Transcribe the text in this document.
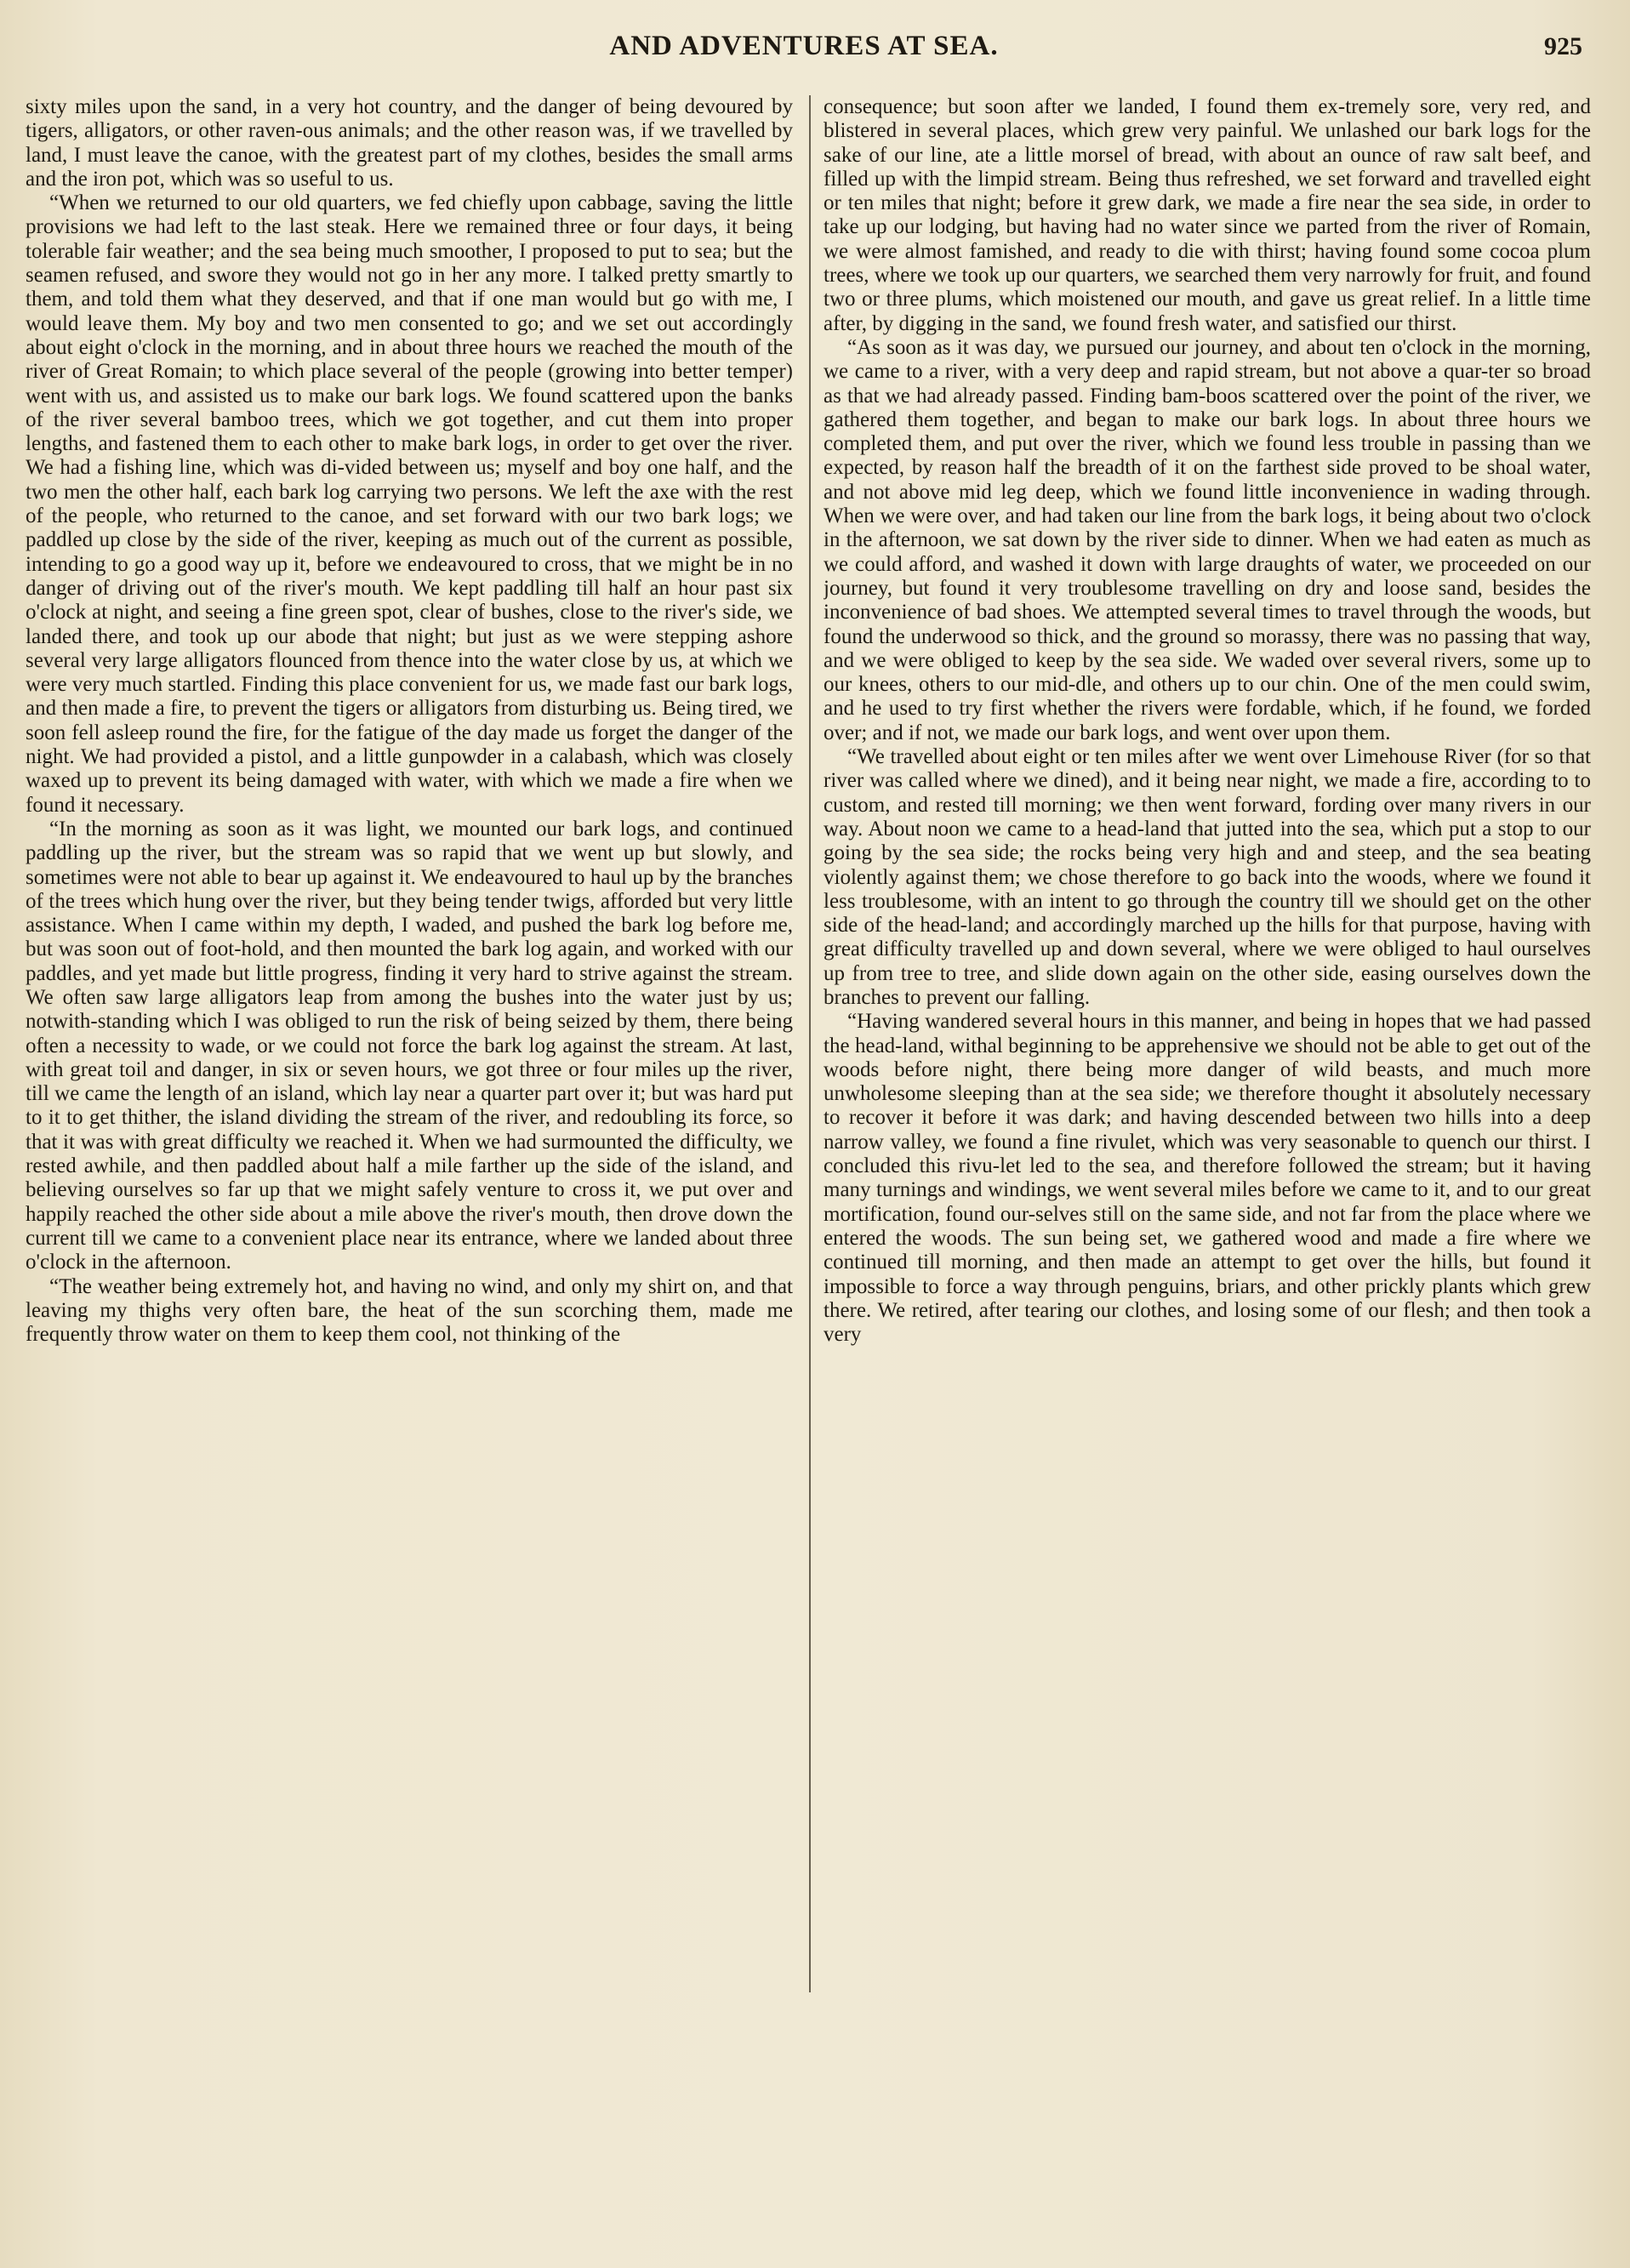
AND ADVENTURES AT SEA.	925

sixty miles upon the sand, in a very hot country, and the danger of being devoured by tigers, alligators, or other raven-ous animals; and the other reason was, if we travelled by land, I must leave the canoe, with the greatest part of my clothes, besides the small arms and the iron pot, which was so useful to us.

“When we returned to our old quarters, we fed chiefly upon cabbage, saving the little provisions we had left to the last steak. Here we remained three or four days, it being tolerable fair weather; and the sea being much smoother, I proposed to put to sea; but the seamen refused, and swore they would not go in her any more. I talked pretty smartly to them, and told them what they deserved, and that if one man would but go with me, I would leave them. My boy and two men consented to go; and we set out accordingly about eight o'clock in the morning, and in about three hours we reached the mouth of the river of Great Romain; to which place several of the people (growing into better temper) went with us, and assisted us to make our bark logs. We found scattered upon the banks of the river several bamboo trees, which we got together, and cut them into proper lengths, and fastened them to each other to make bark logs, in order to get over the river. We had a fishing line, which was di-vided between us; myself and boy one half, and the two men the other half, each bark log carrying two persons. We left the axe with the rest of the people, who returned to the canoe, and set forward with our two bark logs; we paddled up close by the side of the river, keeping as much out of the current as possible, intending to go a good way up it, before we endeavoured to cross, that we might be in no danger of driving out of the river's mouth. We kept paddling till half an hour past six o'clock at night, and seeing a fine green spot, clear of bushes, close to the river's side, we landed there, and took up our abode that night; but just as we were stepping ashore several very large alligators flounced from thence into the water close by us, at which we were very much startled. Finding this place convenient for us, we made fast our bark logs, and then made a fire, to prevent the tigers or alligators from disturbing us. Being tired, we soon fell asleep round the fire, for the fatigue of the day made us forget the danger of the night. We had provided a pistol, and a little gunpowder in a calabash, which was closely waxed up to prevent its being damaged with water, with which we made a fire when we found it necessary.

“In the morning as soon as it was light, we mounted our bark logs, and continued paddling up the river, but the stream was so rapid that we went up but slowly, and sometimes were not able to bear up against it. We endeavoured to haul up by the branches of the trees which hung over the river, but they being tender twigs, afforded but very little assistance. When I came within my depth, I waded, and pushed the bark log before me, but was soon out of foot-hold, and then mounted the bark log again, and worked with our paddles, and yet made but little progress, finding it very hard to strive against the stream. We often saw large alligators leap from among the bushes into the water just by us; notwith-standing which I was obliged to run the risk of being seized by them, there being often a necessity to wade, or we could not force the bark log against the stream. At last, with great toil and danger, in six or seven hours, we got three or four miles up the river, till we came the length of an island, which lay near a quarter part over it; but was hard put to it to get thither, the island dividing the stream of the river, and redoubling its force, so that it was with great difficulty we reached it. When we had surmounted the difficulty, we rested awhile, and then paddled about half a mile farther up the side of the island, and believing ourselves so far up that we might safely venture to cross it, we put over and happily reached the other side about a mile above the river's mouth, then drove down the current till we came to a convenient place near its entrance, where we landed about three o'clock in the afternoon.

“The weather being extremely hot, and having no wind, and only my shirt on, and that leaving my thighs very often bare, the heat of the sun scorching them, made me frequently throw water on them to keep them cool, not thinking of the

consequence; but soon after we landed, I found them ex-tremely sore, very red, and blistered in several places, which grew very painful. We unlashed our bark logs for the sake of our line, ate a little morsel of bread, with about an ounce of raw salt beef, and filled up with the limpid stream. Being thus refreshed, we set forward and travelled eight or ten miles that night; before it grew dark, we made a fire near the sea side, in order to take up our lodging, but having had no water since we parted from the river of Romain, we were almost famished, and ready to die with thirst; having found some cocoa plum trees, where we took up our quarters, we searched them very narrowly for fruit, and found two or three plums, which moistened our mouth, and gave us great relief. In a little time after, by digging in the sand, we found fresh water, and satisfied our thirst.

“As soon as it was day, we pursued our journey, and about ten o'clock in the morning, we came to a river, with a very deep and rapid stream, but not above a quar-ter so broad as that we had already passed. Finding bam-boos scattered over the point of the river, we gathered them together, and began to make our bark logs. In about three hours we completed them, and put over the river, which we found less trouble in passing than we expected, by reason half the breadth of it on the farthest side proved to be shoal water, and not above mid leg deep, which we found little inconvenience in wading through. When we were over, and had taken our line from the bark logs, it being about two o'clock in the afternoon, we sat down by the river side to dinner. When we had eaten as much as we could afford, and washed it down with large draughts of water, we proceeded on our journey, but found it very troublesome travelling on dry and loose sand, besides the inconvenience of bad shoes. We attempted several times to travel through the woods, but found the underwood so thick, and the ground so morassy, there was no passing that way, and we were obliged to keep by the sea side. We waded over several rivers, some up to our knees, others to our mid-dle, and others up to our chin. One of the men could swim, and he used to try first whether the rivers were fordable, which, if he found, we forded over; and if not, we made our bark logs, and went over upon them.

“We travelled about eight or ten miles after we went over Limehouse River (for so that river was called where we dined), and it being near night, we made a fire, according to to custom, and rested till morning; we then went forward, fording over many rivers in our way. About noon we came to a head-land that jutted into the sea, which put a stop to our going by the sea side; the rocks being very high and and steep, and the sea beating violently against them; we chose therefore to go back into the woods, where we found it less troublesome, with an intent to go through the country till we should get on the other side of the head-land; and accordingly marched up the hills for that purpose, having with great difficulty travelled up and down several, where we were obliged to haul ourselves up from tree to tree, and slide down again on the other side, easing ourselves down the branches to prevent our falling.

“Having wandered several hours in this manner, and being in hopes that we had passed the head-land, withal beginning to be apprehensive we should not be able to get out of the woods before night, there being more danger of wild beasts, and much more unwholesome sleeping than at the sea side; we therefore thought it absolutely necessary to recover it before it was dark; and having descended between two hills into a deep narrow valley, we found a fine rivulet, which was very seasonable to quench our thirst. I concluded this rivu-let led to the sea, and therefore followed the stream; but it having many turnings and windings, we went several miles before we came to it, and to our great mortification, found our-selves still on the same side, and not far from the place where we entered the woods. The sun being set, we gathered wood and made a fire where we continued till morning, and then made an attempt to get over the hills, but found it impossible to force a way through penguins, briars, and other prickly plants which grew there. We retired, after tearing our clothes, and losing some of our flesh; and then took a very
